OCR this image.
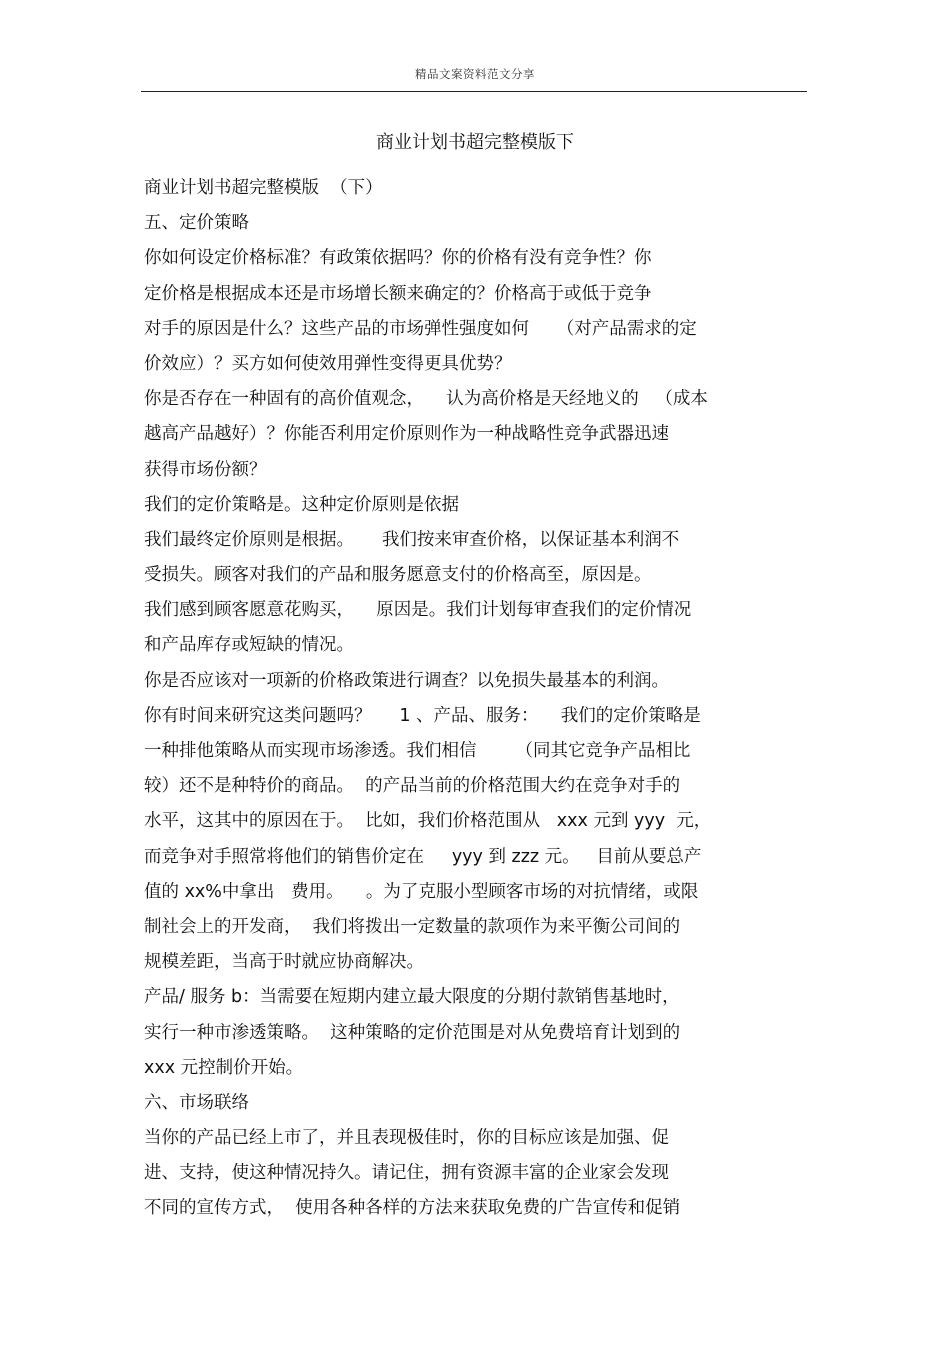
精品文案资料范文分享
商业计划书超完整模版下
商业计划书超完整模版  （下）
五、定价策略
你如何设定价格标准？有政策依据吗？你的价格有没有竞争性？你
定价格是根据成本还是市场增长额来确定的？价格高于或低于竞争
对手的原因是什么？这些产品的市场弹性强度如何     （对产品需求的定
价效应）？买方如何使效用弹性变得更具优势？
你是否存在一种固有的高价值观念，    认为高价格是天经地义的   （成本
越高产品越好）？你能否利用定价原则作为一种战略性竞争武器迅速
获得市场份额？
我们的定价策略是。这种定价原则是依据
我们最终定价原则是根据。     我们按来审查价格，以保证基本利润不
受损失。顾客对我们的产品和服务愿意支付的价格高至，原因是。
我们感到顾客愿意花购买，    原因是。我们计划每审查我们的定价情况
和产品库存或短缺的情况。
你是否应该对一项新的价格政策进行调查？以免损失最基本的利润。
你有时间来研究这类问题吗？     1 、产品、服务：    我们的定价策略是
一种排他策略从而实现市场渗透。我们相信       （同其它竞争产品相比
较）还不是种特价的商品。  的产品当前的价格范围大约在竞争对手的
水平，这其中的原因在于。  比如，我们价格范围从   xxx 元到 yyy  元，
而竞争对手照常将他们的销售价定在     yyy 到 zzz 元。   目前从要总产
值的 xx%中拿出   费用。    。为了克服小型顾客市场的对抗情绪，或限
制社会上的开发商，  我们将拨出一定数量的款项作为来平衡公司间的
规模差距，当高于时就应协商解决。
产品/ 服务 b：当需要在短期内建立最大限度的分期付款销售基地时，
实行一种市渗透策略。  这种策略的定价范围是对从免费培育计划到的
xxx 元控制价开始。
六、市场联络
当你的产品已经上市了，并且表现极佳时，你的目标应该是加强、促
进、支持，使这种情况持久。请记住，拥有资源丰富的企业家会发现
不同的宣传方式，  使用各种各样的方法来获取免费的广告宣传和促销
